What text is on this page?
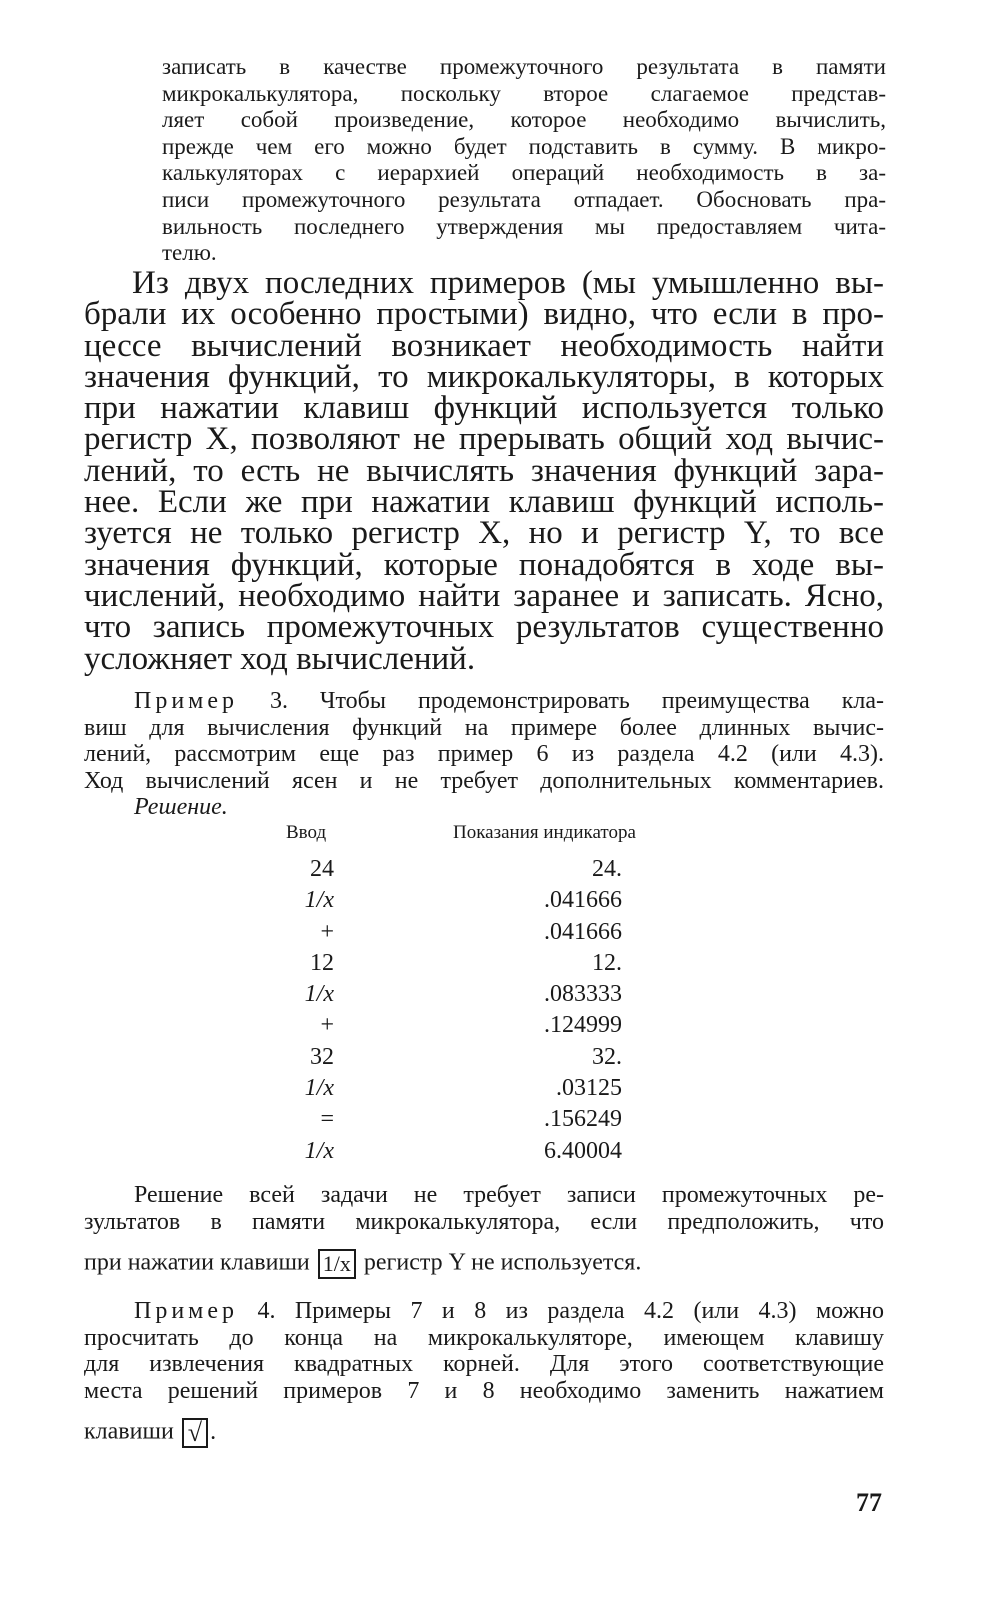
записать в качестве промежуточного результата в памяти
микрокалькулятора, поскольку второе слагаемое представ-
ляет собой произведение, которое необходимо вычислить,
прежде чем его можно будет подставить в сумму. В микро-
калькуляторах с иерархией операций необходимость в за-
писи промежуточного результата отпадает. Обосновать пра-
вильность последнего утверждения мы предоставляем чита-
телю.
Из двух последних примеров (мы умышленно вы-
брали их особенно простыми) видно, что если в про-
цессе вычислений возникает необходимость найти
значения функций, то микрокалькуляторы, в которых
при нажатии клавиш функций используется только
регистр X, позволяют не прерывать общий ход вычис-
лений, то есть не вычислять значения функций зара-
нее. Если же при нажатии клавиш функций исполь-
зуется не только регистр X, но и регистр Y, то все
значения функций, которые понадобятся в ходе вы-
числений, необходимо найти заранее и записать. Ясно,
что запись промежуточных результатов существенно
усложняет ход вычислений.
Пример 3. Чтобы продемонстрировать преимущества кла-
виш для вычисления функций на примере более длинных вычис-
лений, рассмотрим еще раз пример 6 из раздела 4.2 (или 4.3).
Ход вычислений ясен и не требует дополнительных комментариев.
Решение.
Ввод	Показания индикатора
24	24.
1/x	.041666
+	.041666
12	12.
1/x	.083333
+	.124999
32	32.
1/x	.03125
=	.156249
1/x	6.40004
Решение всей задачи не требует записи промежуточных ре-
зультатов в памяти микрокалькулятора, если предположить, что
при нажатии клавиши 1/x регистр Y не используется.
Пример 4. Примеры 7 и 8 из раздела 4.2 (или 4.3) можно
просчитать до конца на микрокалькуляторе, имеющем клавишу
для извлечения квадратных корней. Для этого соответствующие
места решений примеров 7 и 8 необходимо заменить нажатием
клавиши √ .
77
